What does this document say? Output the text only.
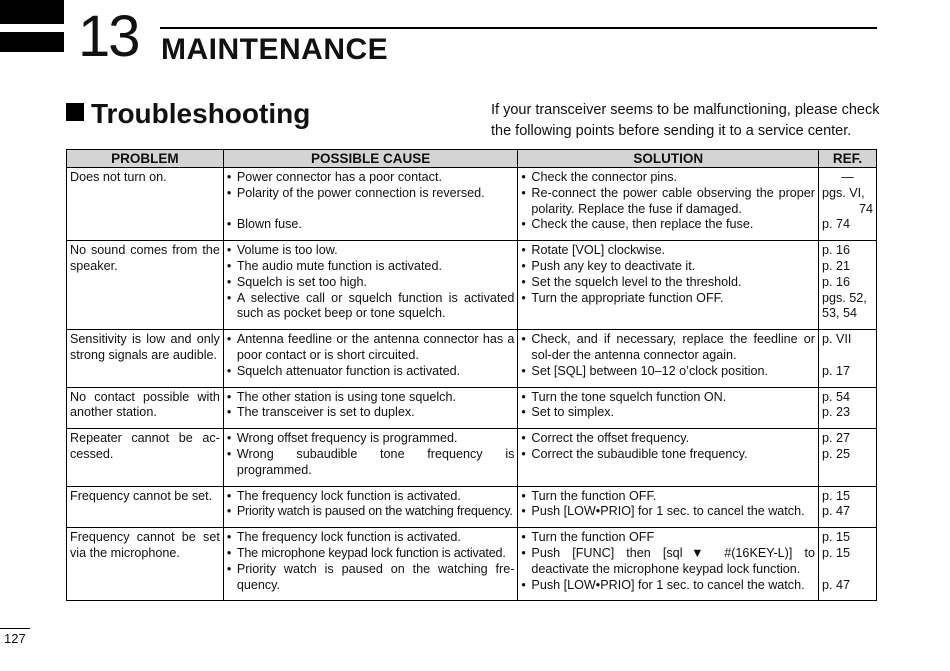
13 MAINTENANCE
Troubleshooting	If your transceiver seems to be malfunctioning, please check the following points before sending it to a service center.
PROBLEM	POSSIBLE CAUSE	SOLUTION	REF.
Does not turn on.	• Power connector has a poor contact.
• Polarity of the power connection is reversed.
• Blown fuse.	• Check the connector pins.
• Re-connect the power cable observing the proper polarity. Replace the fuse if damaged.
• Check the cause, then replace the fuse.	—
pgs. VI,
74
p. 74

No sound comes from the speaker.	• Volume is too low.
• The audio mute function is activated.
• Squelch is set too high.
• A selective call or squelch function is activated such as pocket beep or tone squelch.	• Rotate [VOL] clockwise.
• Push any key to deactivate it.
• Set the squelch level to the threshold.
• Turn the appropriate function OFF.	p. 16
p. 21
p. 16
pgs. 52,
53, 54

Sensitivity is low and only strong signals are audible.	• Antenna feedline or the antenna connector has a poor contact or is short circuited.
• Squelch attenuator function is activated.	• Check, and if necessary, replace the feedline or sol-der the antenna connector again.
• Set [SQL] between 10–12 o’clock position.	p. VII
p. 17

No contact possible with another station.	• The other station is using tone squelch.
• The transceiver is set to duplex.	• Turn the tone squelch function ON.
• Set to simplex.	p. 54
p. 23

Repeater cannot be ac-cessed.	• Wrong offset frequency is programmed.
• Wrong subaudible tone frequency is programmed.	• Correct the offset frequency.
• Correct the subaudible tone frequency.	p. 27
p. 25

Frequency cannot be set.	• The frequency lock function is activated.
• Priority watch is paused on the watching frequency.	• Turn the function OFF.
• Push [LOW•PRIO] for 1 sec. to cancel the watch.	p. 15
p. 47

Frequency cannot be set via the microphone.	• The frequency lock function is activated.
• The microphone keypad lock function is activated.
• Priority watch is paused on the watching fre-quency.	• Turn the function OFF
• Push [FUNC] then [sql▼ #(16KEY-L)] to deactivate the microphone keypad lock function.
• Push [LOW•PRIO] for 1 sec. to cancel the watch.	p. 15
p. 15
p. 47
127
